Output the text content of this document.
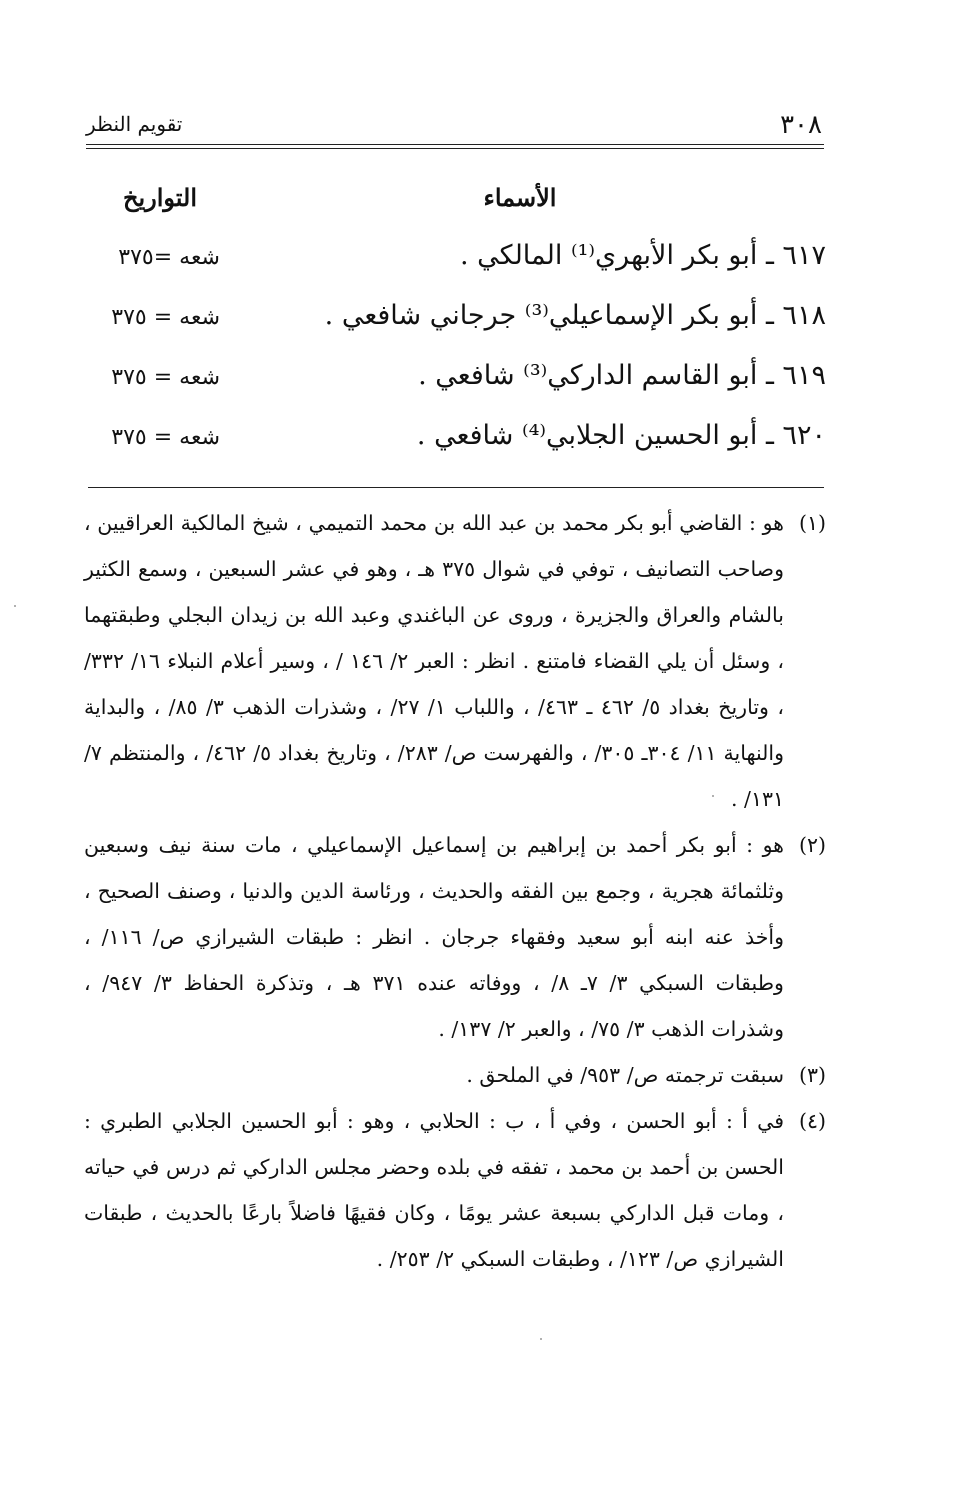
٣٠٨
تقويم النظر
الأسماء
التواريخ
٦١٧ ـ أبو بكر الأبهري⁽¹⁾ المالكي .
شعه =٣٧٥
٦١٨ ـ أبو بكر الإسماعيلي⁽³⁾ جرجاني شافعي .
شعه = ٣٧٥
٦١٩ ـ أبو القاسم الداركي⁽³⁾ شافعي .
شعه = ٣٧٥
٦٢٠ ـ أبو الحسين الجلابي⁽⁴⁾ شافعي .
شعه = ٣٧٥

(١)
هو : القاضي أبو بكر محمد بن عبد الله بن محمد التميمي ، شيخ المالكية العراقيين ، وصاحب التصانيف ، توفي في شوال ٣٧٥ هـ ، وهو في عشر السبعين ، وسمع الكثير بالشام والعراق والجزيرة ، وروى عن الباغندي وعبد الله بن زيدان البجلي وطبقتهما ، وسئل أن يلي القضاء فامتنع . انظر : العبر ٢/ ١٤٦ / ، وسير أعلام النبلاء ١٦/ ٣٣٢/ ، وتاريخ بغداد ٥/ ٤٦٢ ـ ٤٦٣/ ، واللباب ١/ ٢٧/ ، وشذرات الذهب ٣/ ٨٥/ ، والبداية والنهاية ١١/ ٣٠٤ـ ٣٠٥/ ، والفهرست ص/ ٢٨٣/ ، وتاريخ بغداد ٥/ ٤٦٢/ ، والمنتظم ٧/ ١٣١/ .

(٢)
هو : أبو بكر أحمد بن إبراهيم بن إسماعيل الإسماعيلي ، مات سنة نيف وسبعين وثلثمائة هجرية ، وجمع بين الفقه والحديث ، ورئاسة الدين والدنيا ، وصنف الصحيح ، وأخذ عنه ابنه أبو سعيد وفقهاء جرجان . انظر : طبقات الشيرازي ص/ ١١٦/ ، وطبقات السبكي ٣/ ٧ـ ٨/ ، ووفاته عنده ٣٧١ هـ ، وتذكرة الحفاظ ٣/ ٩٤٧/ ، وشذرات الذهب ٣/ ٧٥/ ، والعبر ٢/ ١٣٧/ .

(٣)
سبقت ترجمته ص/ ٩٥٣/ في الملحق .

(٤)
في أ : أبو الحسن ، وفي أ ، ب : الحلابي ، وهو : أبو الحسين الجلابي الطبري : الحسن بن أحمد بن محمد ، تفقه في بلده وحضر مجلس الداركي ثم درس في حياته ، ومات قبل الداركي بسبعة عشر يومًا ، وكان فقيهًا فاضلاً بارعًا بالحديث ، طبقات الشيرازي ص/ ١٢٣/ ، وطبقات السبكي ٢/ ٢٥٣/ .
